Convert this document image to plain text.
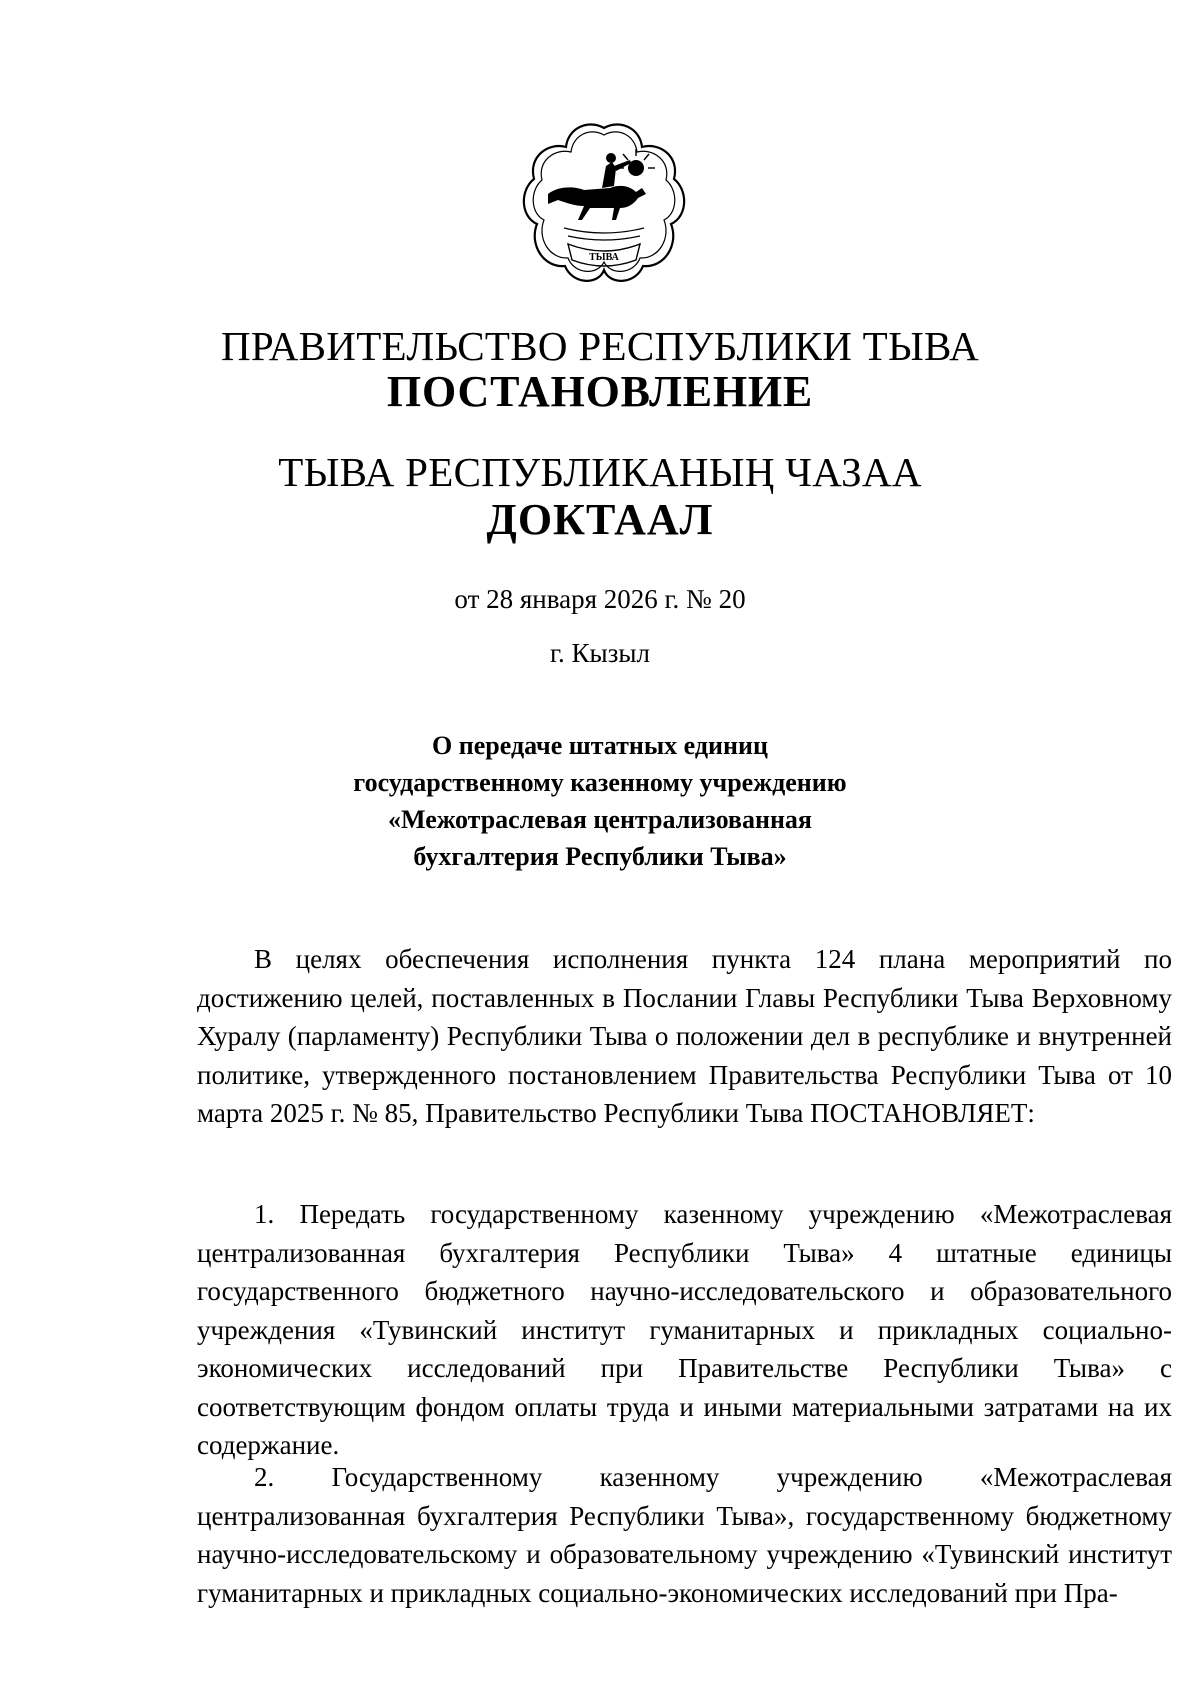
ТЫВА
ПРАВИТЕЛЬСТВО РЕСПУБЛИКИ ТЫВА
ПОСТАНОВЛЕНИЕ
ТЫВА РЕСПУБЛИКАНЫҢ ЧАЗАА
ДОКТААЛ
от 28 января 2026 г. № 20
г. Кызыл
О передаче штатных единиц
государственному казенному учреждению
«Межотраслевая централизованная
бухгалтерия Республики Тыва»

В целях обеспечения исполнения пункта 124 плана мероприятий по достижению целей, поставленных в Послании Главы Республики Тыва Верховному Хуралу (парламенту) Республики Тыва о положении дел в республике и внутренней политике, утвержденного постановлением Правительства Республики Тыва от 10 марта 2025 г. № 85, Правительство Республики Тыва ПОСТАНОВЛЯЕТ:

1. Передать государственному казенному учреждению «Межотраслевая централизованная бухгалтерия Республики Тыва» 4 штатные единицы государственного бюджетного научно-исследовательского и образовательного учреждения «Тувинский институт гуманитарных и прикладных социально-экономических исследований при Правительстве Республики Тыва» с соответствующим фондом оплаты труда и иными материальными затратами на их содержание.

2. Государственному казенному учреждению «Межотраслевая централизованная бухгалтерия Республики Тыва», государственному бюджетному научно-исследовательскому и образовательному учреждению «Тувинский институт гуманитарных и прикладных социально-экономических исследований при Пра-
